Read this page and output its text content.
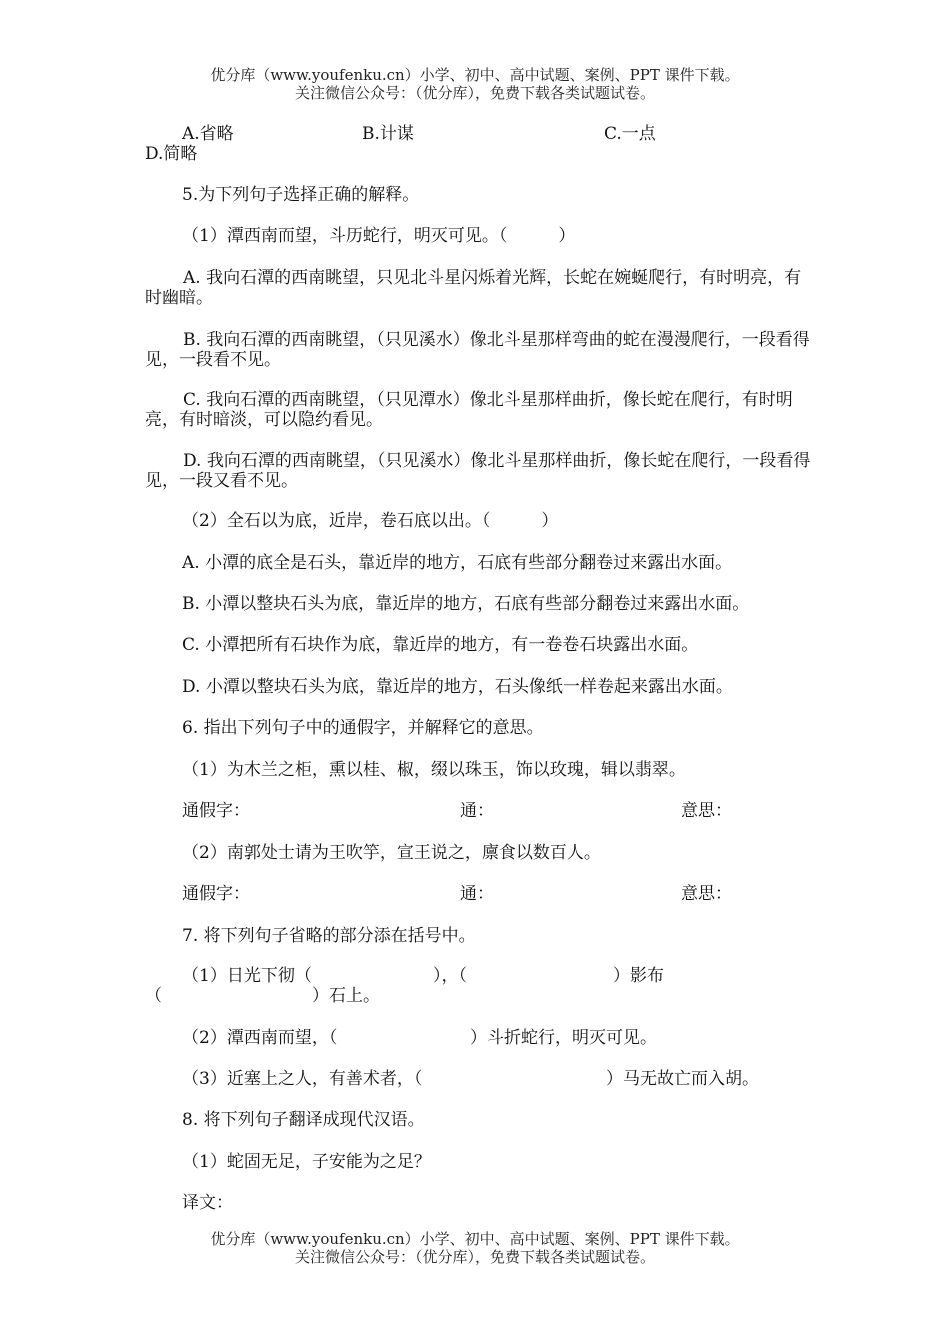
优分库（www.youfenku.cn）小学、初中、高中试题、案例、PPT 课件下载。
关注微信公众号：（优分库），免费下载各类试题试卷。
A.省略	B.计谋	C.一点
D.简略
5.为下列句子选择正确的解释。
（1）潭西南而望，斗历蛇行，明灭可见。（　　　）
A. 我向石潭的西南眺望，只见北斗星闪烁着光辉，长蛇在婉蜒爬行，有时明亮，有时幽暗。
B. 我向石潭的西南眺望，（只见溪水）像北斗星那样弯曲的蛇在漫漫爬行，一段看得见，一段看不见。
C. 我向石潭的西南眺望，（只见潭水）像北斗星那样曲折，像长蛇在爬行，有时明亮，有时暗淡，可以隐约看见。
D. 我向石潭的西南眺望，（只见溪水）像北斗星那样曲折，像长蛇在爬行，一段看得见，一段又看不见。
（2）全石以为底，近岸，卷石底以出。（　　　）
A. 小潭的底全是石头，靠近岸的地方，石底有些部分翻卷过来露出水面。
B. 小潭以整块石头为底，靠近岸的地方，石底有些部分翻卷过来露出水面。
C. 小潭把所有石块作为底，靠近岸的地方，有一卷卷石块露出水面。
D. 小潭以整块石头为底，靠近岸的地方，石头像纸一样卷起来露出水面。
6. 指出下列句子中的通假字，并解释它的意思。
（1）为木兰之柜，熏以桂、椒，缀以珠玉，饰以玫瑰，辑以翡翠。
通假字：	通：	意思：
（2）南郭处士请为王吹竽，宣王说之，廪食以数百人。
通假字：	通：	意思：
7. 将下列句子省略的部分添在括号中。
（1）日光下彻（	），（	）影布
（	）石上。
（2）潭西南而望，（	）斗折蛇行，明灭可见。
（3）近塞上之人，有善术者，（	）马无故亡而入胡。
8. 将下列句子翻译成现代汉语。
（1）蛇固无足，子安能为之足？
译文：
优分库（www.youfenku.cn）小学、初中、高中试题、案例、PPT 课件下载。
关注微信公众号：（优分库），免费下载各类试题试卷。
